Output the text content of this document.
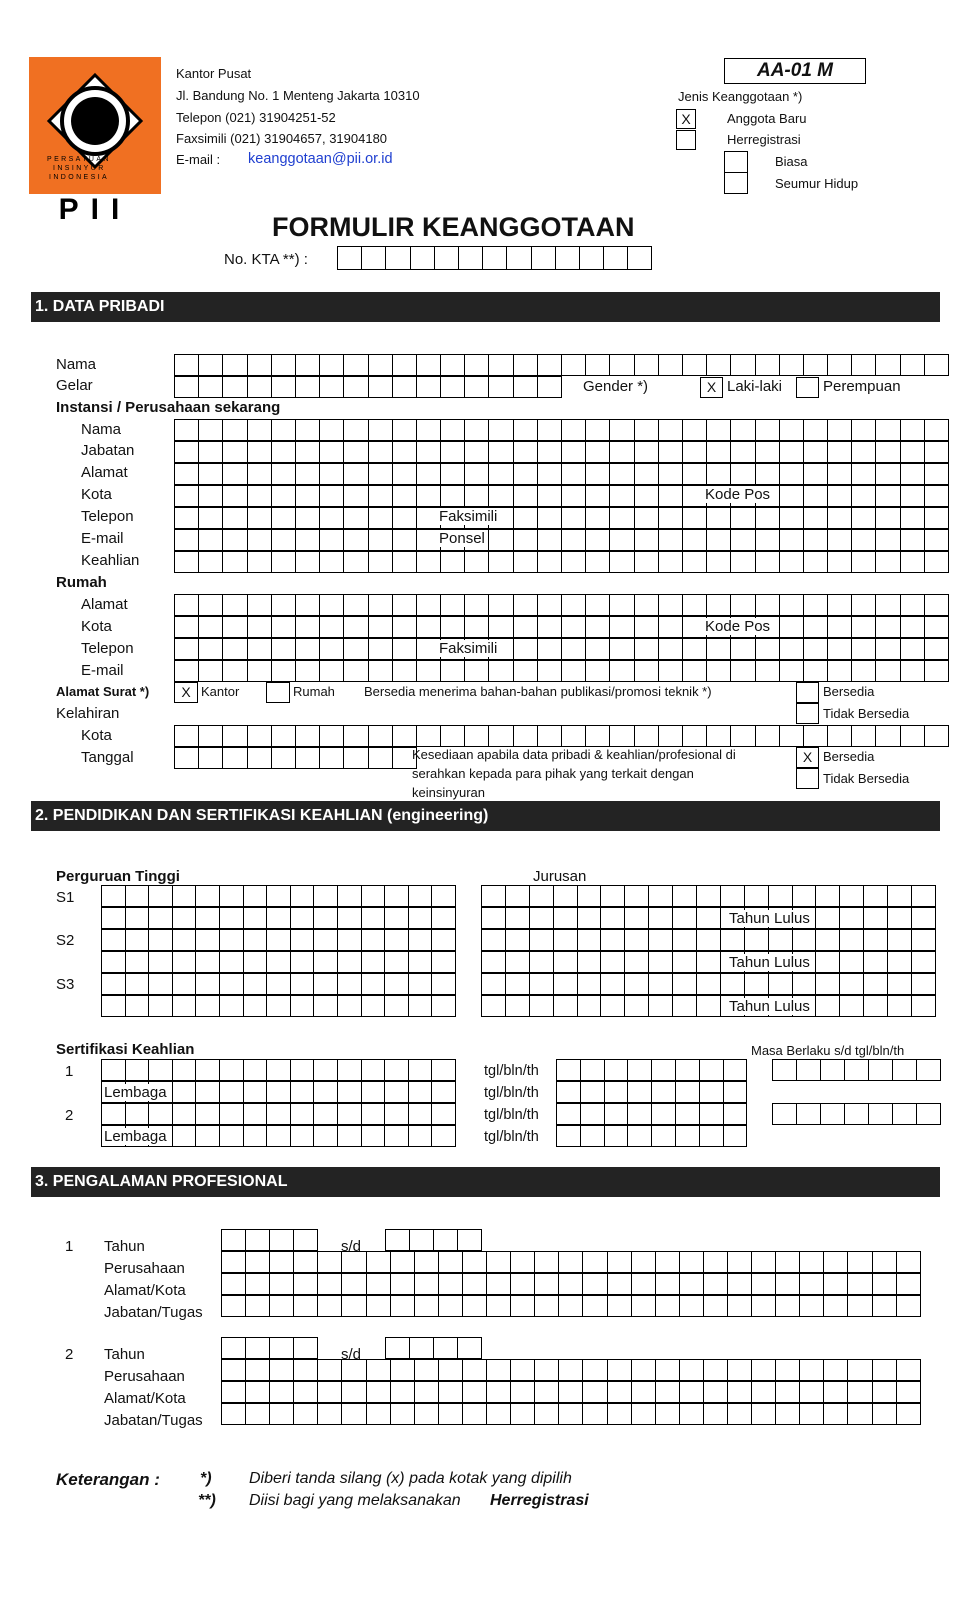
PERSATUAN
INSINYUR
INDONESIA
PII
Kantor Pusat
Jl. Bandung No. 1 Menteng Jakarta 10310
Telepon (021) 31904251-52
Faxsimili (021) 31904657, 31904180
E-mail : keanggotaan@pii.or.id
AA-01 M
Jenis Keanggotaan *)
X	Anggota Baru
Herregistrasi
Biasa
Seumur Hidup
FORMULIR KEANGGOTAAN
No. KTA **) :
1. DATA PRIBADI
Nama
Gelar	Gender *)	X Laki-laki	Perempuan
Instansi / Perusahaan sekarang
Nama
Jabatan
Alamat
Kota	Kode Pos
Telepon	Faksimili
E-mail	Ponsel
Keahlian
Rumah
Alamat
Kota	Kode Pos
Telepon	Faksimili
E-mail
Alamat Surat *)	X Kantor	Rumah Bersedia menerima bahan-bahan publikasi/promosi teknik *)	Bersedia
Tidak Bersedia
Kelahiran
Kota
Tanggal	Kesediaan apabila data pribadi & keahlian/profesional di
serahkan kepada para pihak yang terkait dengan
keinsinyuran
X Bersedia
Tidak Bersedia
2. PENDIDIKAN DAN SERTIFIKASI KEAHLIAN (engineering)
Perguruan Tinggi	Jurusan
S1
Tahun Lulus
S2
Tahun Lulus
S3
Tahun Lulus
Sertifikasi Keahlian	Masa Berlaku s/d tgl/bln/th
1
Lembaga
tgl/bln/th
tgl/bln/th
2
Lembaga
tgl/bln/th
tgl/bln/th
3. PENGALAMAN PROFESIONAL
1 Tahun	s/d
Perusahaan
Alamat/Kota
Jabatan/Tugas
2 Tahun	s/d
Perusahaan
Alamat/Kota
Jabatan/Tugas
Keterangan :	*) Diberi tanda silang (x) pada kotak yang dipilih
**) Diisi bagi yang melaksanakan Herregistrasi
